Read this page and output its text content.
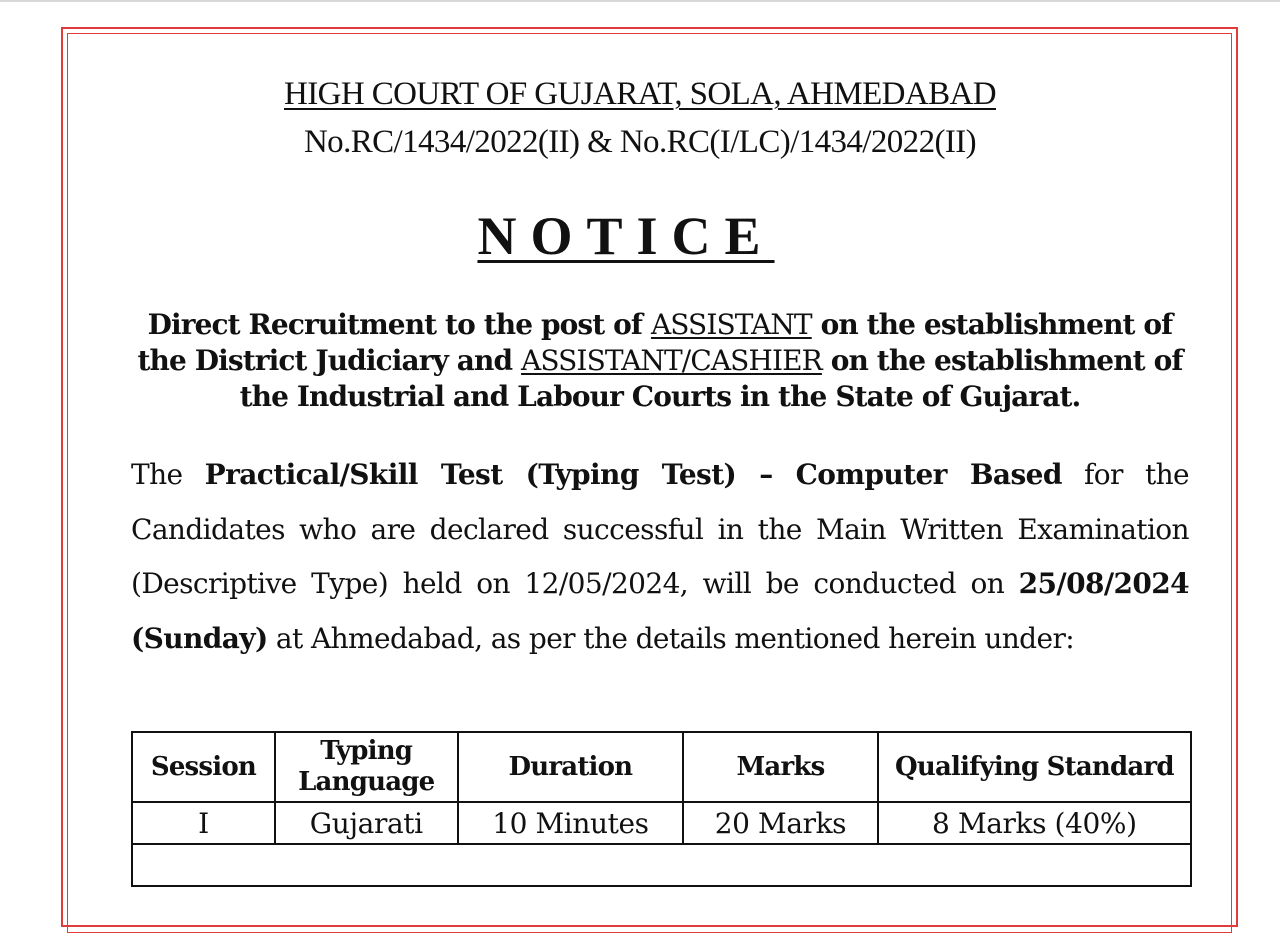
HIGH COURT OF GUJARAT, SOLA, AHMEDABAD
No.RC/1434/2022(II) & No.RC(I/LC)/1434/2022(II)
NOTICE
Direct Recruitment to the post of ASSISTANT on the establishment of the District Judiciary and ASSISTANT/CASHIER on the establishment of the Industrial and Labour Courts in the State of Gujarat.
The Practical/Skill Test (Typing Test) – Computer Based for the Candidates who are declared successful in the Main Written Examination (Descriptive Type) held on 12/05/2024, will be conducted on 25/08/2024 (Sunday) at Ahmedabad, as per the details mentioned herein under:
Session	Typing Language	Duration	Marks	Qualifying Standard
I	Gujarati	10 Minutes	20 Marks	8 Marks (40%)
